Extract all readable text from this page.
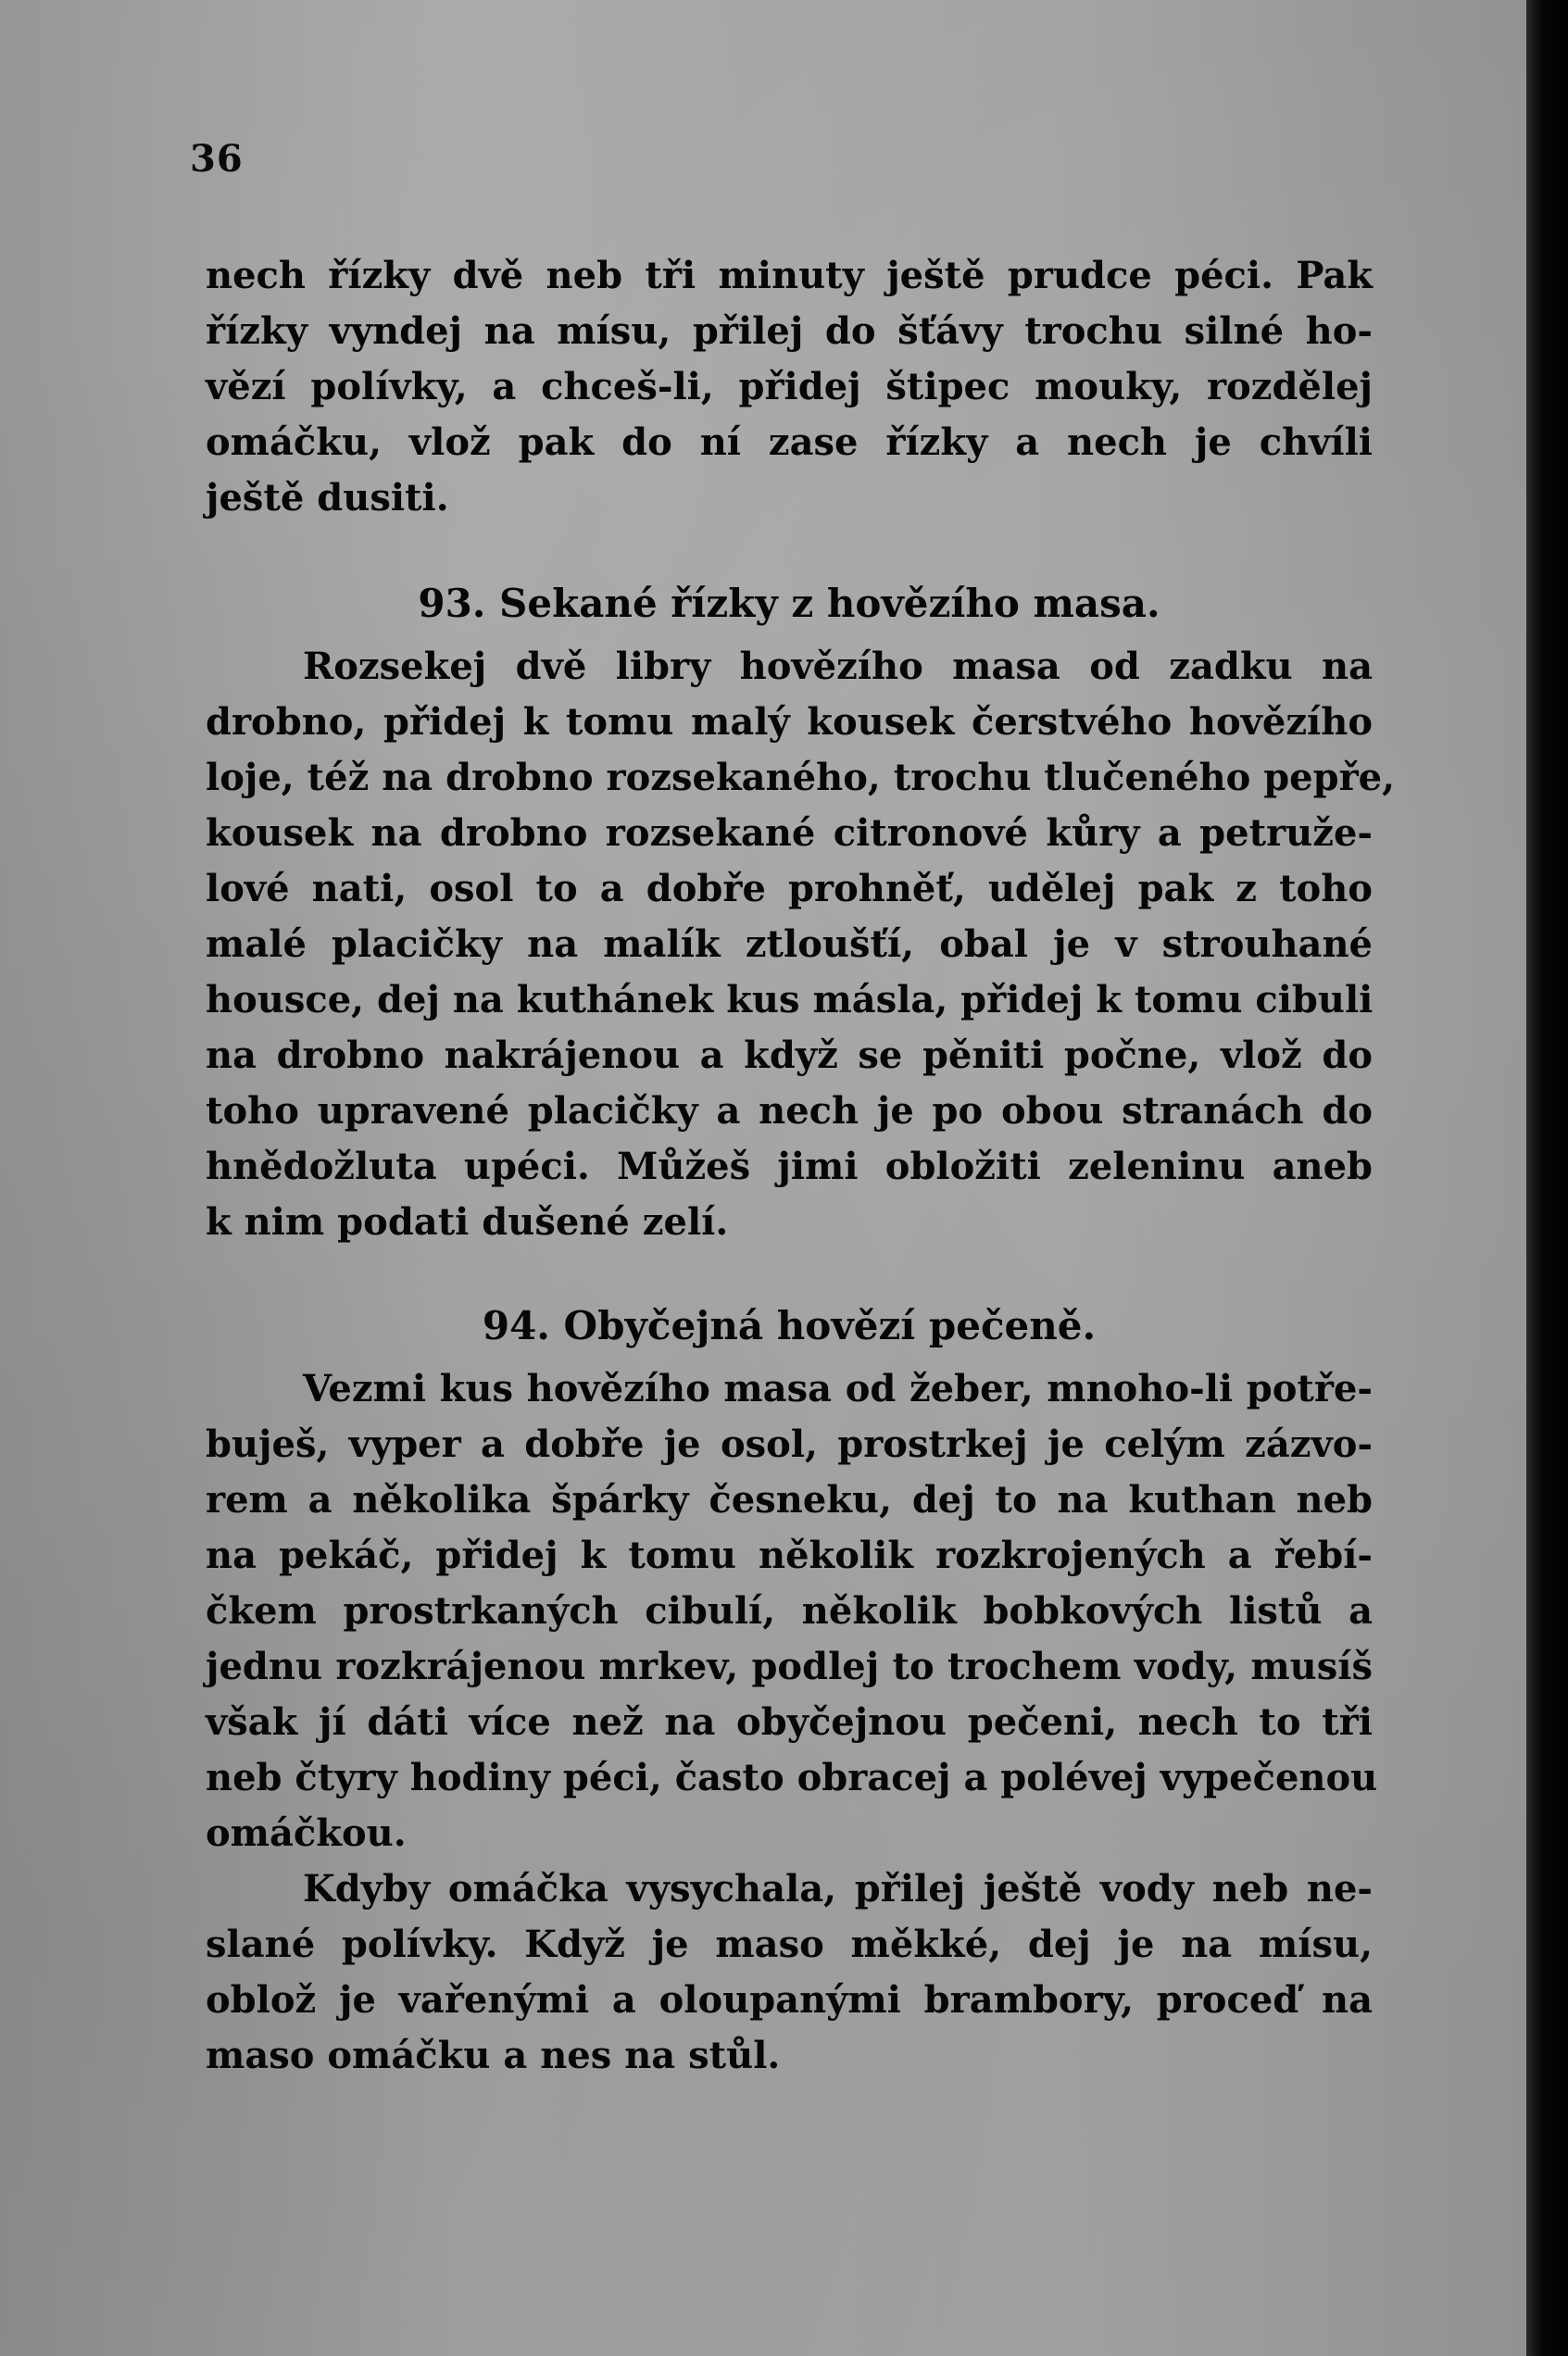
36
nech řízky dvě neb tři minuty ještě prudce péci. Pak
řízky vyndej na mísu, přilej do šťávy trochu silné ho-
vězí polívky, a chceš-li, přidej štipec mouky, rozdělej
omáčku, vlož pak do ní zase řízky a nech je chvíli
ještě dusiti.
93. Sekané řízky z hovězího masa.
Rozsekej dvě libry hovězího masa od zadku na
drobno, přidej k tomu malý kousek čerstvého hovězího
loje, též na drobno rozsekaného, trochu tlučeného pepře,
kousek na drobno rozsekané citronové kůry a petruže-
lové nati, osol to a dobře prohněť, udělej pak z toho
malé placičky na malík ztloušťí, obal je v strouhané
housce, dej na kuthánek kus másla, přidej k tomu cibuli
na drobno nakrájenou a když se pěniti počne, vlož do
toho upravené placičky a nech je po obou stranách do
hnědožluta upéci. Můžeš jimi obložiti zeleninu aneb
k nim podati dušené zelí.
94. Obyčejná hovězí pečeně.
Vezmi kus hovězího masa od žeber, mnoho-li potře-
buješ, vyper a dobře je osol, prostrkej je celým zázvo-
rem a několika špárky česneku, dej to na kuthan neb
na pekáč, přidej k tomu několik rozkrojených a řebí-
čkem prostrkaných cibulí, několik bobkových listů a
jednu rozkrájenou mrkev, podlej to trochem vody, musíš
však jí dáti více než na obyčejnou pečeni, nech to tři
neb čtyry hodiny péci, často obracej a polévej vypečenou
omáčkou.
Kdyby omáčka vysychala, přilej ještě vody neb ne-
slané polívky. Když je maso měkké, dej je na mísu,
oblož je vařenými a oloupanými brambory, proceď na
maso omáčku a nes na stůl.
